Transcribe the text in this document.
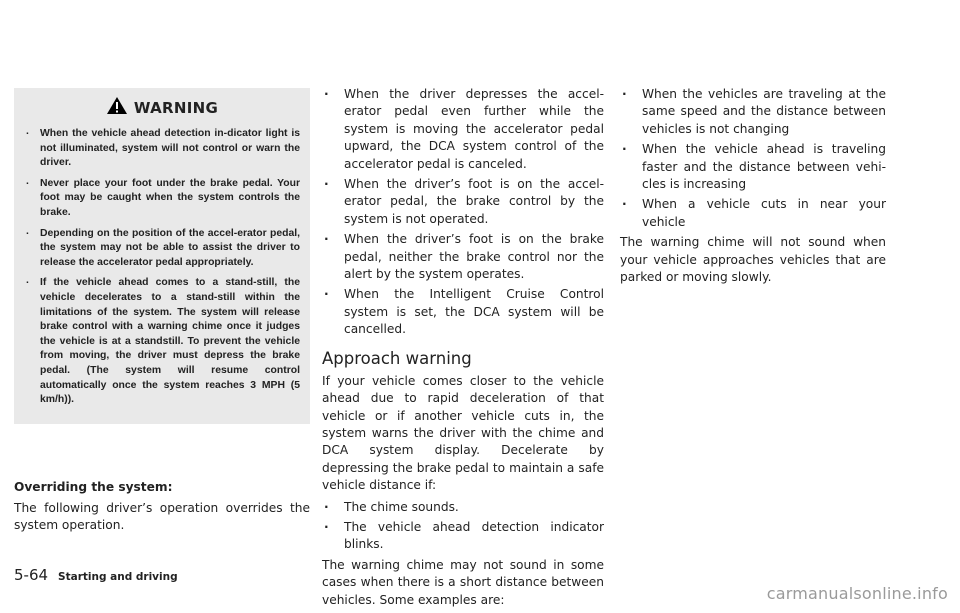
WARNING
. When the vehicle ahead detection in-dicator light is not illuminated, system will not control or warn the driver.
. Never place your foot under the brake pedal. Your foot may be caught when the system controls the brake.
. Depending on the position of the accel-erator pedal, the system may not be able to assist the driver to release the accelerator pedal appropriately.
. If the vehicle ahead comes to a stand-still, the vehicle decelerates to a stand-still within the limitations of the system. The system will release brake control with a warning chime once it judges the vehicle is at a standstill. To prevent the vehicle from moving, the driver must depress the brake pedal. (The system will resume control automatically once the system reaches 3 MPH (5 km/h)).
Overriding the system:

The following driver’s operation overrides the system operation.

. When the driver depresses the accel-erator pedal even further while the system is moving the accelerator pedal upward, the DCA system control of the accelerator pedal is canceled.
. When the driver’s foot is on the accel-erator pedal, the brake control by the system is not operated.
. When the driver’s foot is on the brake pedal, neither the brake control nor the alert by the system operates.
. When the Intelligent Cruise Control system is set, the DCA system will be cancelled.
Approach warning

If your vehicle comes closer to the vehicle ahead due to rapid deceleration of that vehicle or if another vehicle cuts in, the system warns the driver with the chime and DCA system display. Decelerate by depressing the brake pedal to maintain a safe vehicle distance if:

. The chime sounds.
. The vehicle ahead detection indicator blinks.

The warning chime may not sound in some cases when there is a short distance between vehicles. Some examples are:

. When the vehicles are traveling at the same speed and the distance between vehicles is not changing
. When the vehicle ahead is traveling faster and the distance between vehi-cles is increasing
. When a vehicle cuts in near your vehicle

The warning chime will not sound when your vehicle approaches vehicles that are parked or moving slowly.

5-64 Starting and driving
carmanualsonline.info
